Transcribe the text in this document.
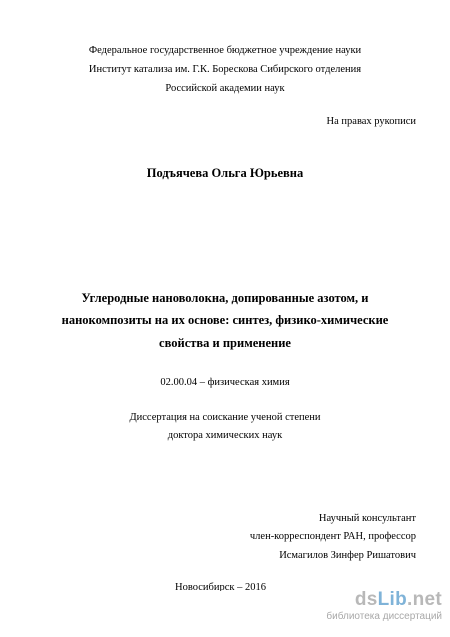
Федеральное государственное бюджетное учреждение науки
Институт катализа им. Г.К. Борескова Сибирского отделения
Российской академии наук
На правах рукописи
Подъячева Ольга Юрьевна
Углеродные нановолокна, допированные азотом, и
нанокомпозиты на их основе: синтез, физико-химические
свойства и применение
02.00.04 – физическая химия
Диссертация на соискание ученой степени
доктора химических наук
Научный консультант
член-корреспондент РАН, профессор
Исмагилов Зинфер Ришатович
Новосибирск – 2016
dsLib.net
библиотека диссертаций
